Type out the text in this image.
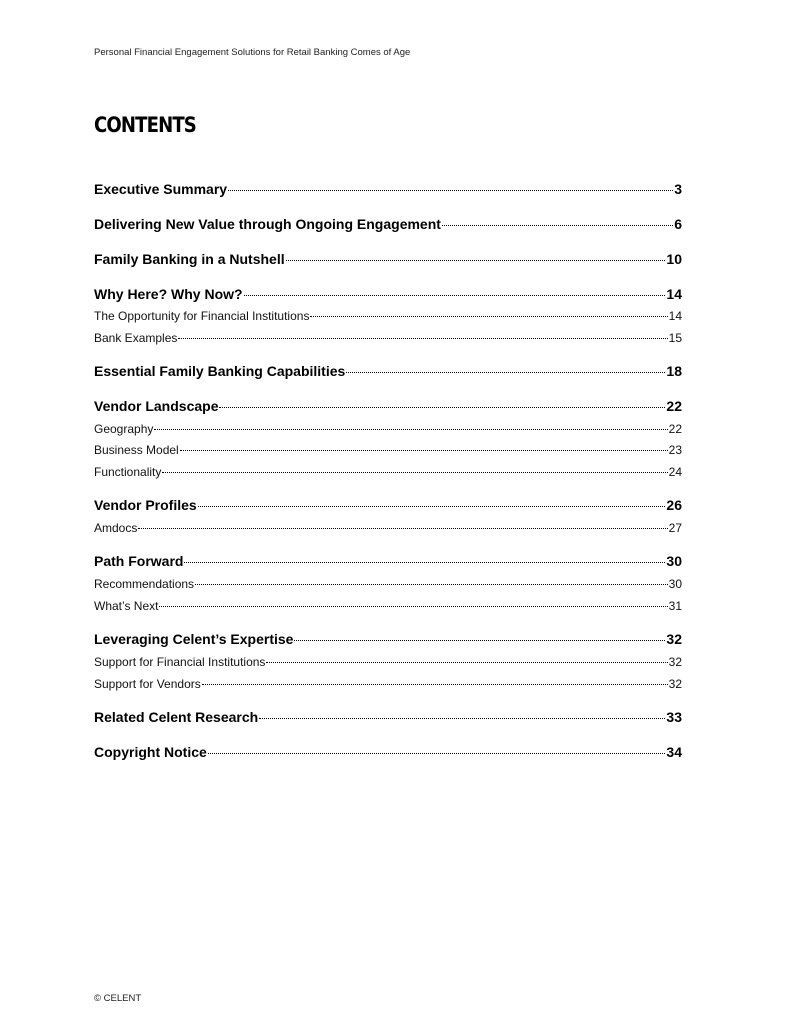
Personal Financial Engagement Solutions for Retail Banking Comes of Age
CONTENTS
Executive Summary	3
Delivering New Value through Ongoing Engagement	6
Family Banking in a Nutshell	10
Why Here? Why Now?	14
The Opportunity for Financial Institutions	14
Bank Examples	15
Essential Family Banking Capabilities	18
Vendor Landscape	22
Geography	22
Business Model	23
Functionality	24
Vendor Profiles	26
Amdocs	27
Path Forward	30
Recommendations	30
What’s Next	31
Leveraging Celent’s Expertise	32
Support for Financial Institutions	32
Support for Vendors	32
Related Celent Research	33
Copyright Notice	34
© CELENT
